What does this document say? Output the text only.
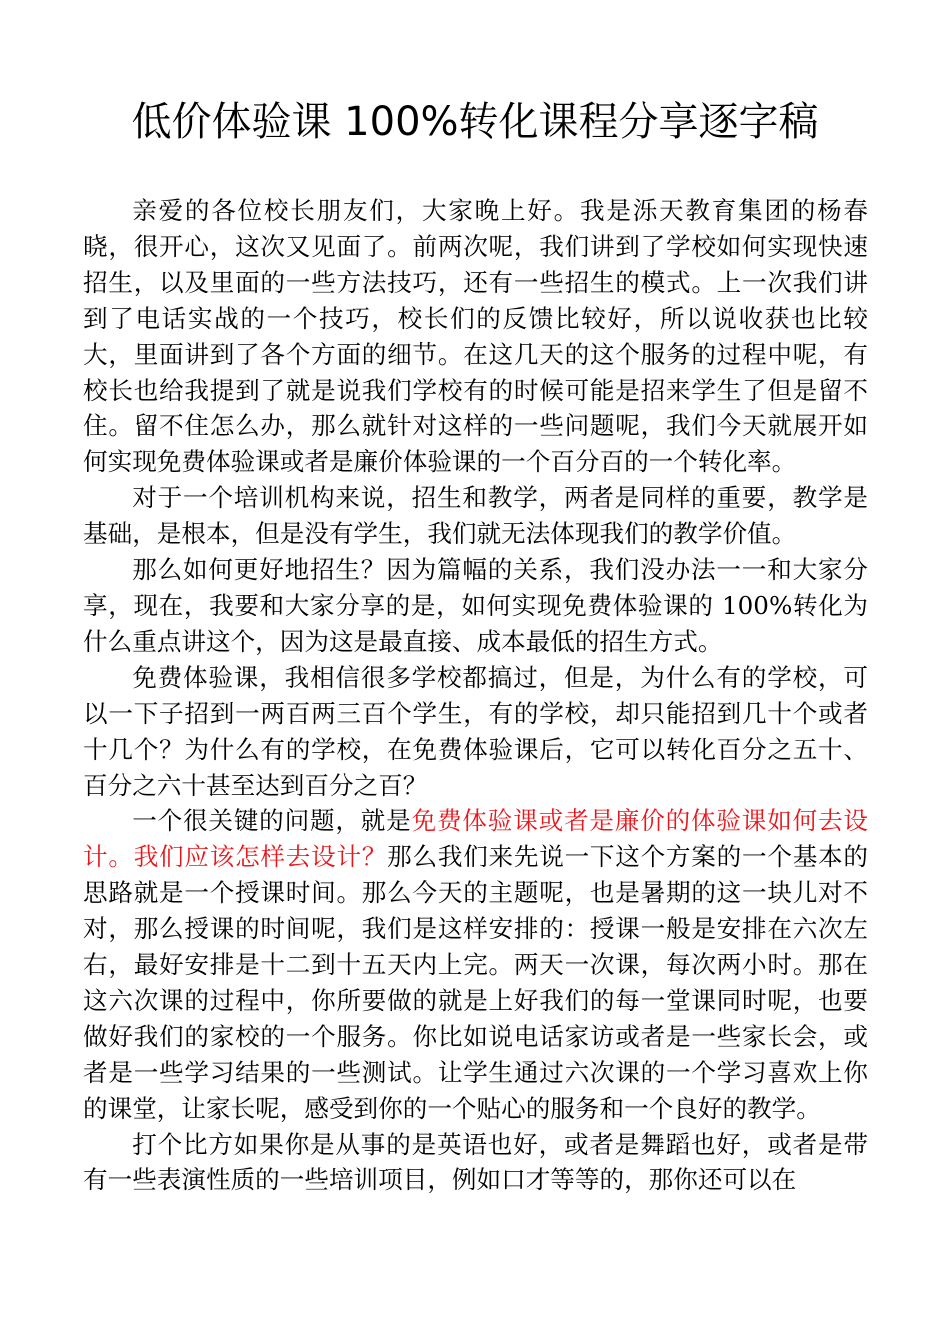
低价体验课 100%转化课程分享逐字稿

亲爱的各位校长朋友们，大家晚上好。我是泺天教育集团的杨春晓，很开心，这次又见面了。前两次呢，我们讲到了学校如何实现快速招生，以及里面的一些方法技巧，还有一些招生的模式。上一次我们讲到了电话实战的一个技巧，校长们的反馈比较好，所以说收获也比较大，里面讲到了各个方面的细节。在这几天的这个服务的过程中呢，有校长也给我提到了就是说我们学校有的时候可能是招来学生了但是留不住。留不住怎么办，那么就针对这样的一些问题呢，我们今天就展开如何实现免费体验课或者是廉价体验课的一个百分百的一个转化率。

对于一个培训机构来说，招生和教学，两者是同样的重要，教学是基础，是根本，但是没有学生，我们就无法体现我们的教学价值。

那么如何更好地招生？因为篇幅的关系，我们没办法一一和大家分享，现在，我要和大家分享的是，如何实现免费体验课的 100%转化为什么重点讲这个，因为这是最直接、成本最低的招生方式。

免费体验课，我相信很多学校都搞过，但是，为什么有的学校，可以一下子招到一两百两三百个学生，有的学校，却只能招到几十个或者十几个？为什么有的学校，在免费体验课后，它可以转化百分之五十、百分之六十甚至达到百分之百？

一个很关键的问题，就是免费体验课或者是廉价的体验课如何去设计。我们应该怎样去设计？那么我们来先说一下这个方案的一个基本的思路就是一个授课时间。那么今天的主题呢，也是暑期的这一块儿对不对，那么授课的时间呢，我们是这样安排的：授课一般是安排在六次左右，最好安排是十二到十五天内上完。两天一次课，每次两小时。那在这六次课的过程中，你所要做的就是上好我们的每一堂课同时呢，也要做好我们的家校的一个服务。你比如说电话家访或者是一些家长会，或者是一些学习结果的一些测试。让学生通过六次课的一个学习喜欢上你的课堂，让家长呢，感受到你的一个贴心的服务和一个良好的教学。

打个比方如果你是从事的是英语也好，或者是舞蹈也好，或者是带有一些表演性质的一些培训项目，例如口才等等的，那你还可以在
